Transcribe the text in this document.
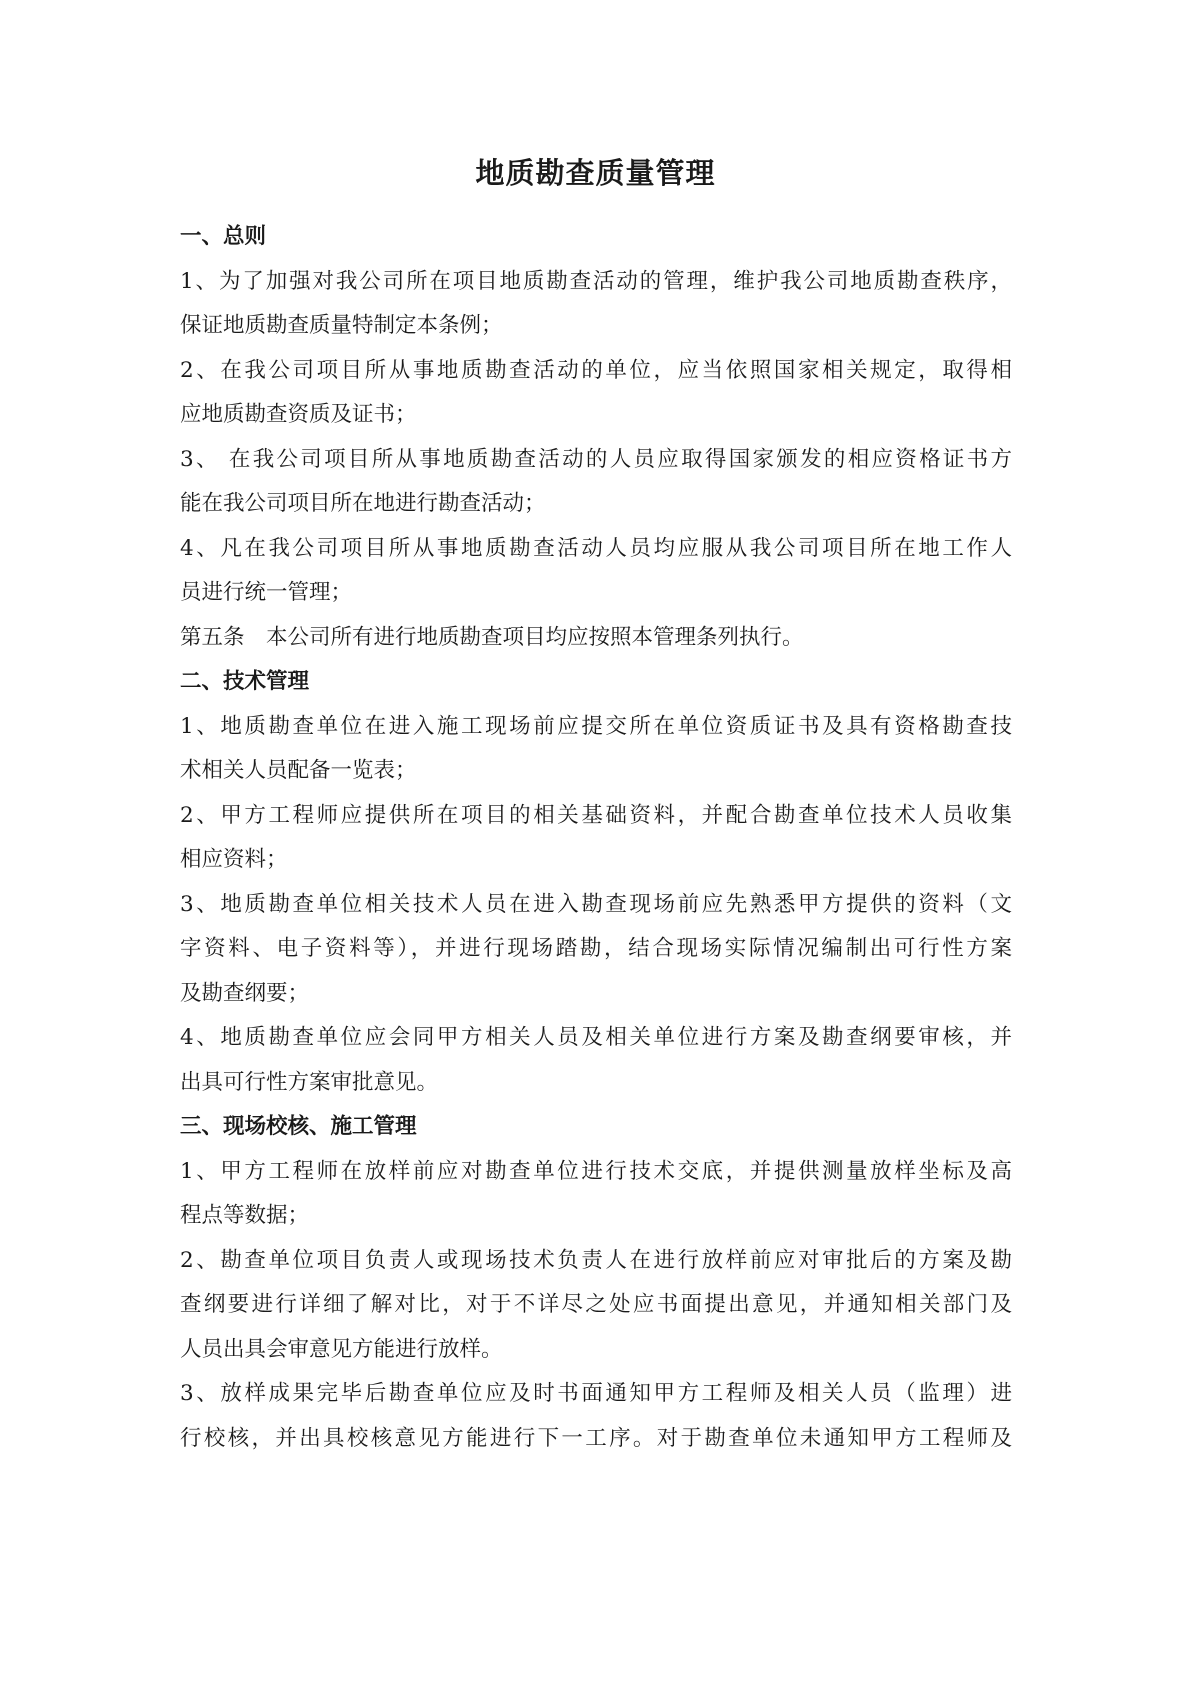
地质勘查质量管理
一、总则
1、为了加强对我公司所在项目地质勘查活动的管理，维护我公司地质勘查秩序，
保证地质勘查质量特制定本条例；
2、在我公司项目所从事地质勘查活动的单位，应当依照国家相关规定，取得相
应地质勘查资质及证书；
3、 在我公司项目所从事地质勘查活动的人员应取得国家颁发的相应资格证书方
能在我公司项目所在地进行勘查活动；
4、凡在我公司项目所从事地质勘查活动人员均应服从我公司项目所在地工作人
员进行统一管理；
第五条　本公司所有进行地质勘查项目均应按照本管理条列执行。
二、技术管理
1、地质勘查单位在进入施工现场前应提交所在单位资质证书及具有资格勘查技
术相关人员配备一览表；
2、甲方工程师应提供所在项目的相关基础资料，并配合勘查单位技术人员收集
相应资料；
3、地质勘查单位相关技术人员在进入勘查现场前应先熟悉甲方提供的资料（文
字资料、电子资料等），并进行现场踏勘，结合现场实际情况编制出可行性方案
及勘查纲要；
4、地质勘查单位应会同甲方相关人员及相关单位进行方案及勘查纲要审核，并
出具可行性方案审批意见。
三、现场校核、施工管理
1、甲方工程师在放样前应对勘查单位进行技术交底，并提供测量放样坐标及高
程点等数据；
2、勘查单位项目负责人或现场技术负责人在进行放样前应对审批后的方案及勘
查纲要进行详细了解对比，对于不详尽之处应书面提出意见，并通知相关部门及
人员出具会审意见方能进行放样。
3、放样成果完毕后勘查单位应及时书面通知甲方工程师及相关人员（监理）进
行校核，并出具校核意见方能进行下一工序。对于勘查单位未通知甲方工程师及
